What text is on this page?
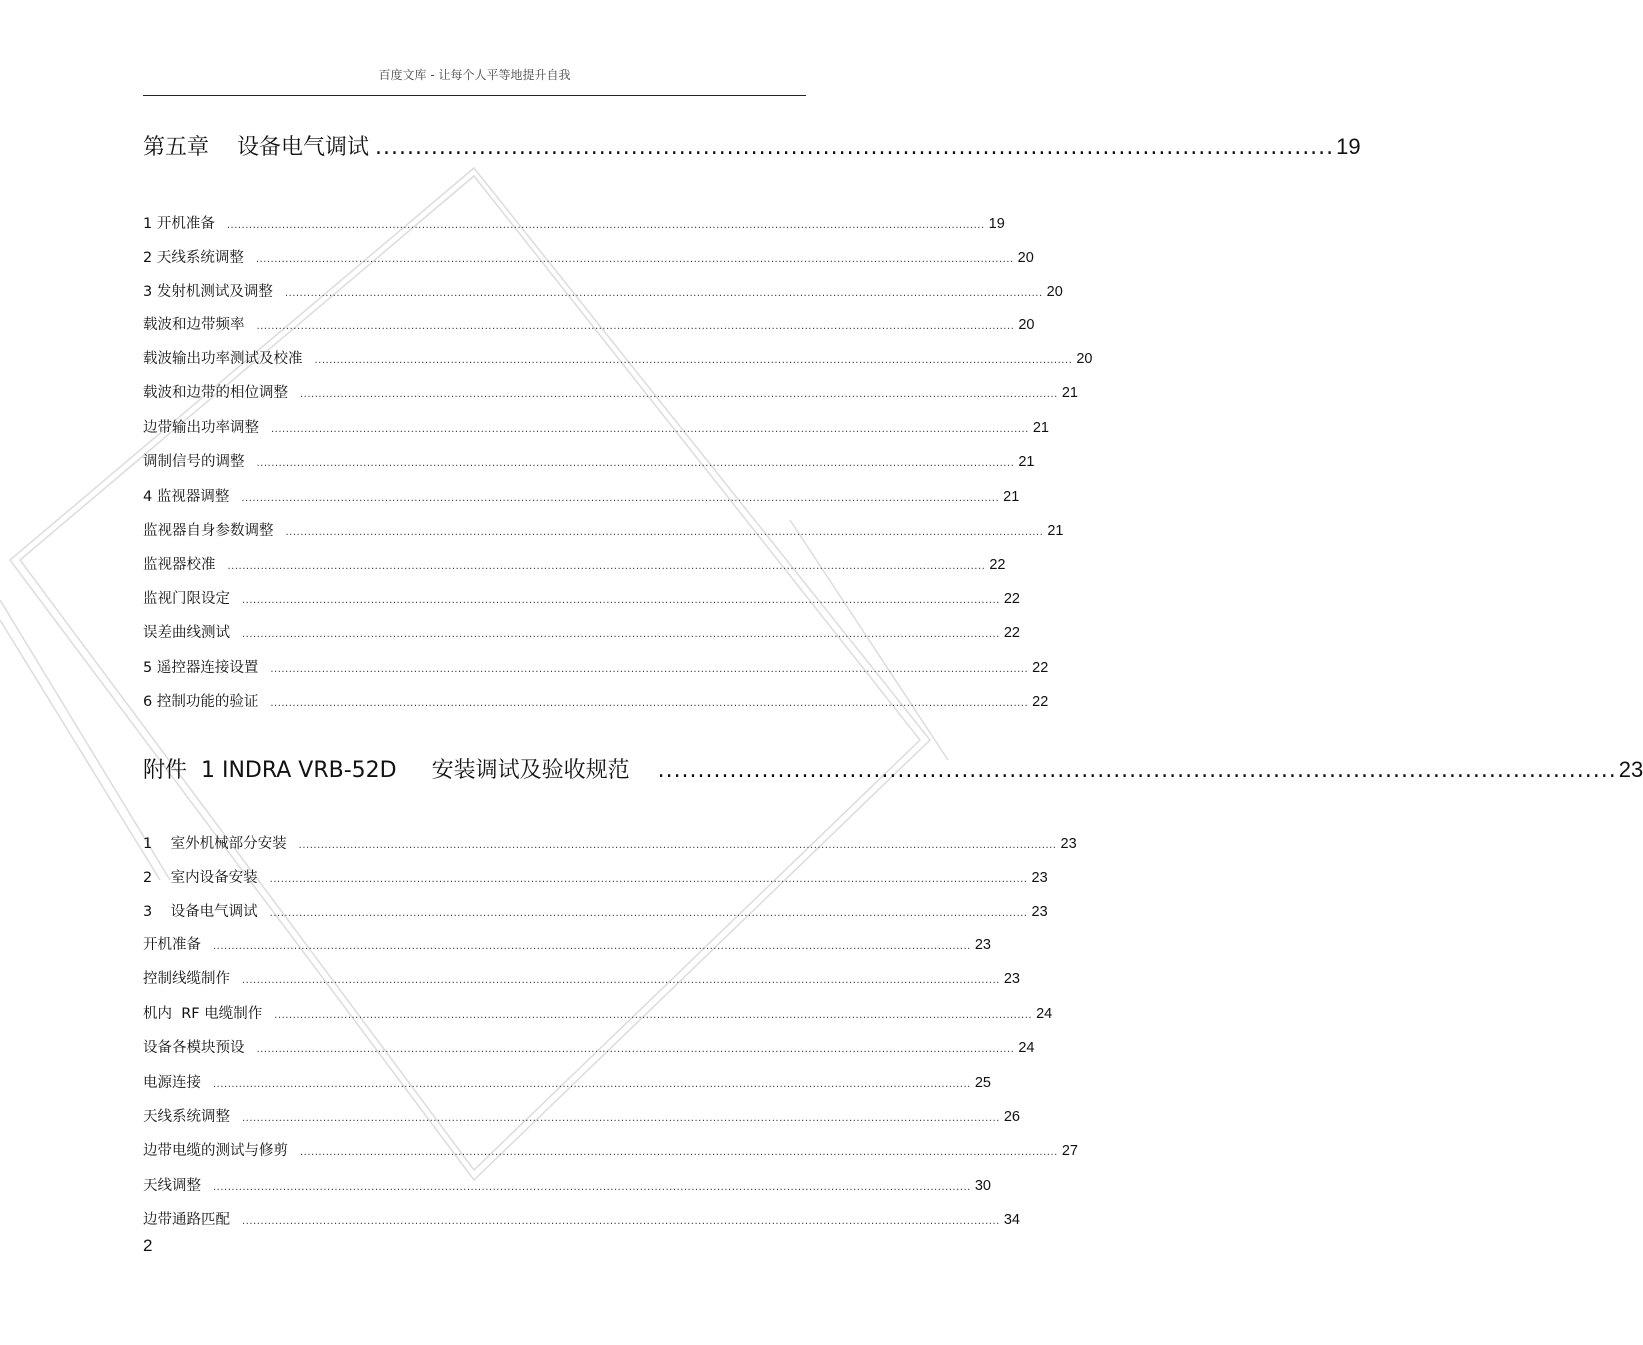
百度文库 - 让每个人平等地提升自我
第五章    设备电气调试 ........................................................................................................................ 19
1 开机准备 .............................................................................................................................................................................................................. 19
2 天线系统调整 .............................................................................................................................................................................................................. 20
3 发射机测试及调整 .............................................................................................................................................................................................................. 20
载波和边带频率 .............................................................................................................................................................................................................. 20
载波输出功率测试及校准 .............................................................................................................................................................................................................. 20
载波和边带的相位调整 .............................................................................................................................................................................................................. 21
边带输出功率调整 .............................................................................................................................................................................................................. 21
调制信号的调整 .............................................................................................................................................................................................................. 21
4 监视器调整 .............................................................................................................................................................................................................. 21
监视器自身参数调整 .............................................................................................................................................................................................................. 21
监视器校准 .............................................................................................................................................................................................................. 22
监视门限设定 .............................................................................................................................................................................................................. 22
误差曲线测试 .............................................................................................................................................................................................................. 22
5 遥控器连接设置 .............................................................................................................................................................................................................. 22
6 控制功能的验证 .............................................................................................................................................................................................................. 22
附件  1 INDRA VRB-52D     安装调试及验收规范 ........................................................................................................................ 23
1    室外机械部分安装 .............................................................................................................................................................................................................. 23
2    室内设备安装 .............................................................................................................................................................................................................. 23
3    设备电气调试 .............................................................................................................................................................................................................. 23
开机准备 .............................................................................................................................................................................................................. 23
控制线缆制作 .............................................................................................................................................................................................................. 23
机内  RF 电缆制作 .............................................................................................................................................................................................................. 24
设备各模块预设 .............................................................................................................................................................................................................. 24
电源连接 .............................................................................................................................................................................................................. 25
天线系统调整 .............................................................................................................................................................................................................. 26
边带电缆的测试与修剪 .............................................................................................................................................................................................................. 27
天线调整 .............................................................................................................................................................................................................. 30
边带通路匹配 .............................................................................................................................................................................................................. 34
2
